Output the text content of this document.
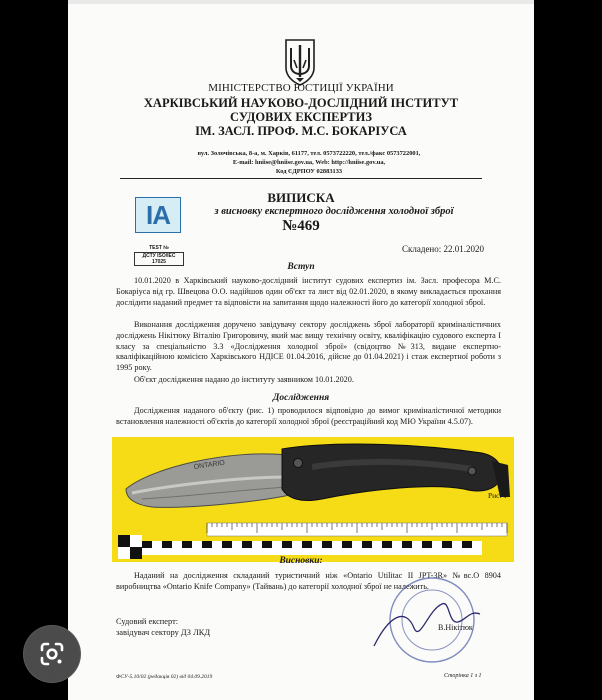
МІНІСТЕРСТВО ЮСТИЦІЇ УКРАЇНИ
ХАРКІВСЬКИЙ НАУКОВО-ДОСЛІДНИЙ ІНСТИТУТ
СУДОВИХ ЕКСПЕРТИЗ
ІМ. ЗАСЛ. ПРОФ. М.С. БОКАРІУСА
вул. Золочівська, 8-а, м. Харків, 61177, тел. 0573722220, тел./факс 0573722001,
E-mail: hniise@hniise.gov.ua, Web: http://hniise.gov.ua,
Код ЄДРПОУ 02883133
IA
TEST №
ДСТУ ISO/IEC 17025
ВИПИСКА
з висновку експертного дослідження холодної зброї
№469
Складено: 22.01.2020
Вступ

10.01.2020 в Харківський науково-дослідний інститут судових експертиз ім. Засл. професора М.С. Бокаріуса від гр. Швецова О.О. надійшов один об'єкт та лист від 02.01.2020, в якому викладається прохання дослідити наданий предмет та відповісти на запитання щодо належності його до категорії холодної зброї.

Виконання дослідження доручено завідувачу сектору досліджень зброї лабораторії криміналістичних досліджень Нікітюку Віталію Григоровичу, який має вищу технічну освіту, кваліфікацію судового експерта I класу за спеціальністю 3.3 «Дослідження холодної зброї» (свідоцтво №313, видане експертно-кваліфікаційною комісією Харківського НДІСЕ 01.04.2016, дійсне до 01.04.2021) і стаж експертної роботи з 1995 року.

Об'єкт дослідження надано до інституту заявником 10.01.2020.

Дослідження

Дослідження наданого об'єкту (рис. 1) проводилося відповідно до вимог криміналістичної методики встановлення належності об'єктів до категорії холодної зброї (реєстраційний код МЮ України 4.5.07).

ONTARIO
Рис. 1
Висновки:

Наданий на дослідження складаний туристичний ніж «Ontario Utilitac II JPT-3R» №вс.О 8904 виробництва «Ontario Knife Company» (Тайвань) до категорії холодної зброї не належить.

Судовий експерт:
завідувач сектору ДЗ ЛКД
В.Нікітюк
ФСУ-5.10/02 (редакція 02) від 04.09.2019	Сторінка 1 з 1
